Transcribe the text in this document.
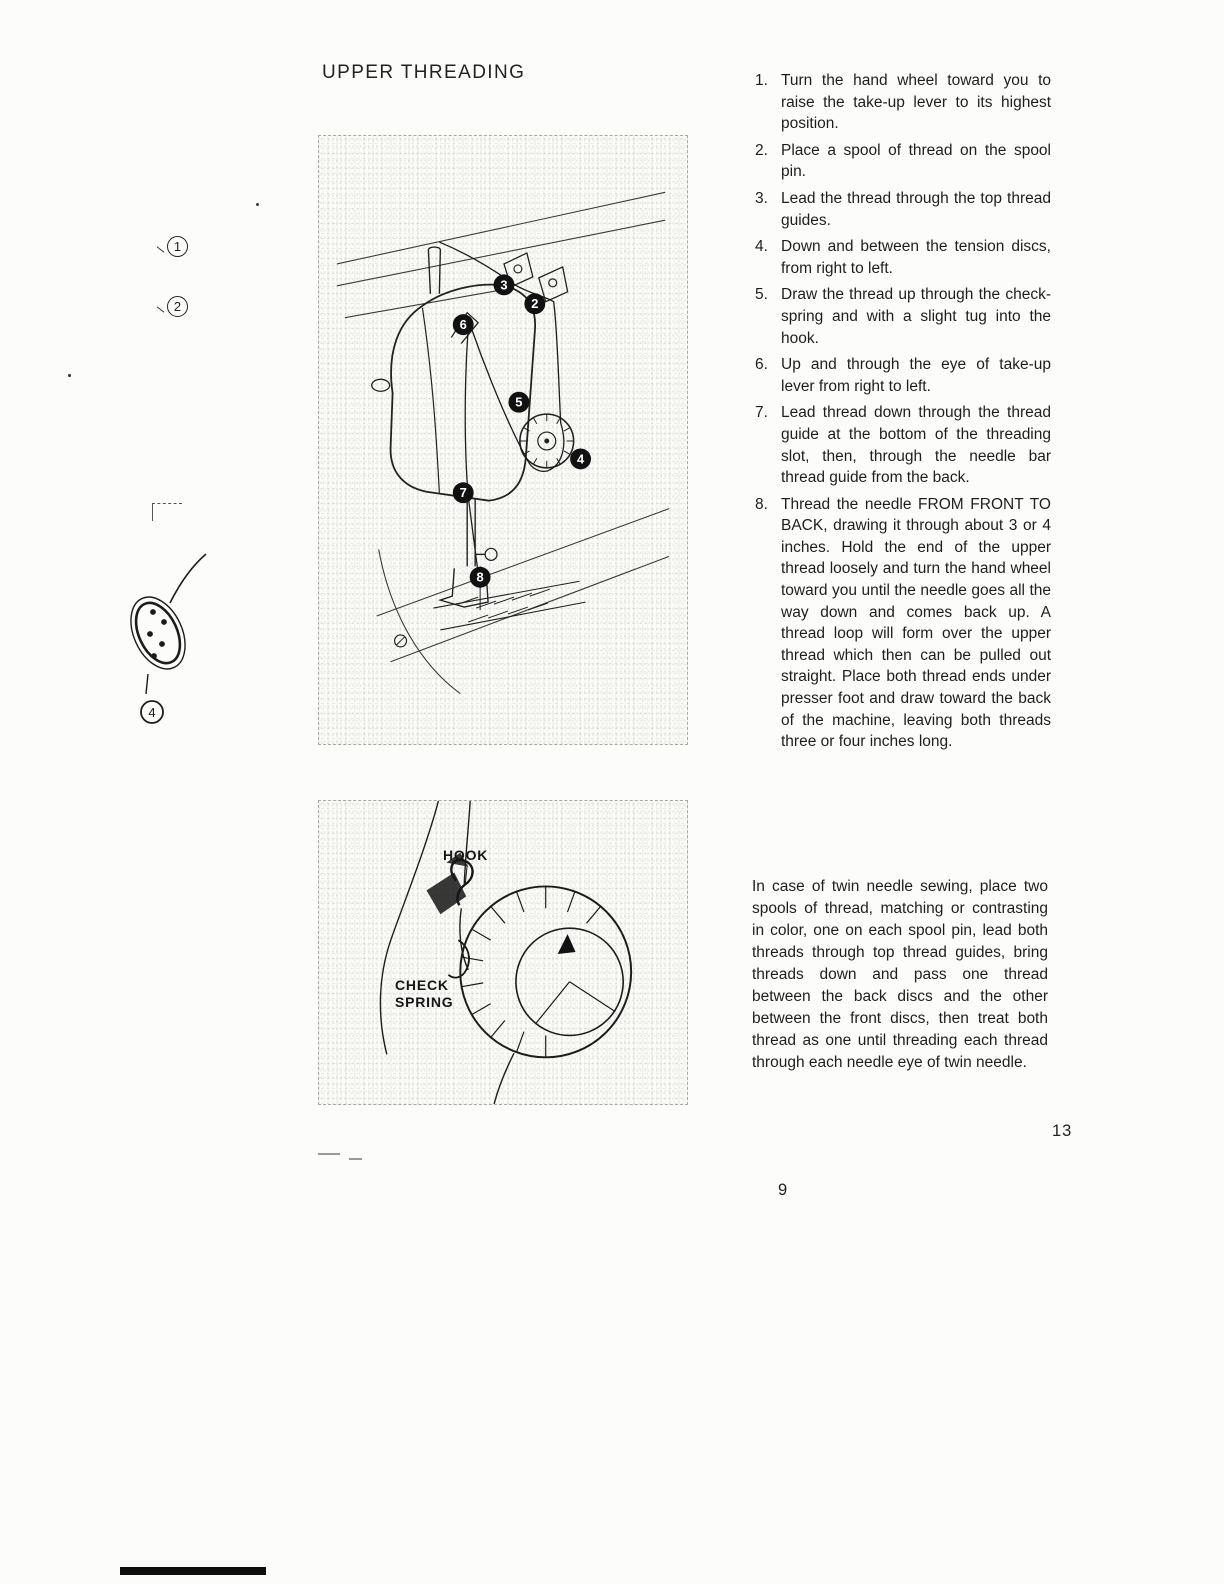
UPPER THREADING	1. Turn the hand wheel toward you to raise the take-up lever to its highest position.
2. Place a spool of thread on the spool pin.
3. Lead the thread through the top thread guides.
4. Down and between the tension discs, from right to left.
5. Draw the thread up through the check-spring and with a slight tug into the hook.
6. Up and through the eye of take-up lever from right to left.
7. Lead thread down through the thread guide at the bottom of the threading slot, then, through the needle bar thread guide from the back.
8. Thread the needle FROM FRONT TO BACK, drawing it through about 3 or 4 inches. Hold the end of the upper thread loosely and turn the hand wheel toward you until the needle goes all the way down and comes back up. A thread loop will form over the upper thread which then can be pulled out straight. Place both thread ends under presser foot and draw toward the back of the machine, leaving both threads three or four inches long.
In case of twin needle sewing, place two spools of thread, matching or contrasting in color, one on each spool pin, lead both threads through top thread guides, bring threads down and pass one thread between the back discs and the other between the front discs, then treat both thread as one until threading each thread through each needle eye of twin needle.
13
9
1
2
4
3
2
6
5
4
7
8
HOOK
CHECK SPRING
